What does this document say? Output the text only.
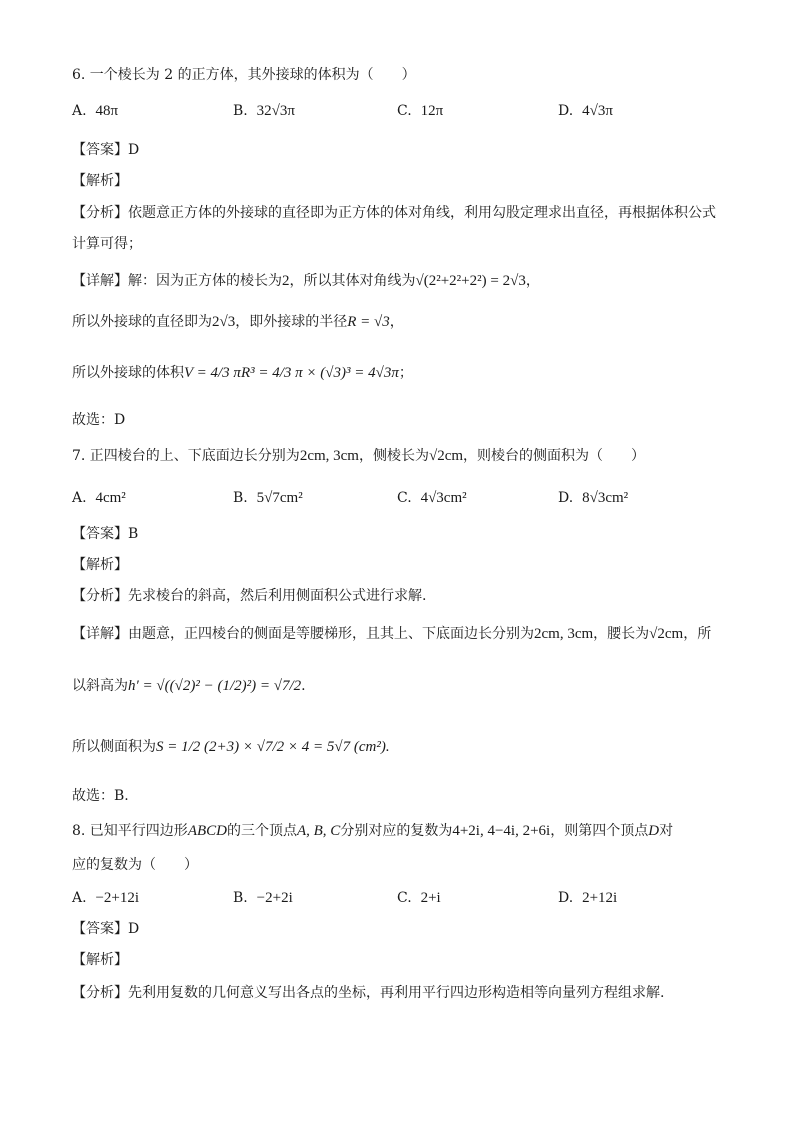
6. 一个棱长为 2 的正方体，其外接球的体积为（　　）
A. 48π	B. 32√3π	C. 12π	D. 4√3π
【答案】D
【解析】
【分析】依题意正方体的外接球的直径即为正方体的体对角线，利用勾股定理求出直径，再根据体积公式
计算可得；
【详解】解：因为正方体的棱长为2，所以其体对角线为√(2²+2²+2²) = 2√3，
所以外接球的直径即为2√3，即外接球的半径R = √3，
所以外接球的体积V = 4/3 πR³ = 4/3 π × (√3)³ = 4√3π；
故选：D
7. 正四棱台的上、下底面边长分别为2cm, 3cm，侧棱长为√2cm，则棱台的侧面积为（　　）
A. 4cm²	B. 5√7cm²	C. 4√3cm²	D. 8√3cm²
【答案】B
【解析】
【分析】先求棱台的斜高，然后利用侧面积公式进行求解.
【详解】由题意，正四棱台的侧面是等腰梯形，且其上、下底面边长分别为2cm, 3cm，腰长为√2cm，所
以斜高为h′ = √((√2)² − (1/2)²) = √7/2.
所以侧面积为S = 1/2 (2+3) × √7/2 × 4 = 5√7 (cm²).
故选：B.
8. 已知平行四边形ABCD的三个顶点A, B, C分别对应的复数为4+2i, 4−4i, 2+6i，则第四个顶点D对
应的复数为（　　）
A. −2+12i	B. −2+2i	C. 2+i	D. 2+12i
【答案】D
【解析】
【分析】先利用复数的几何意义写出各点的坐标，再利用平行四边形构造相等向量列方程组求解.
